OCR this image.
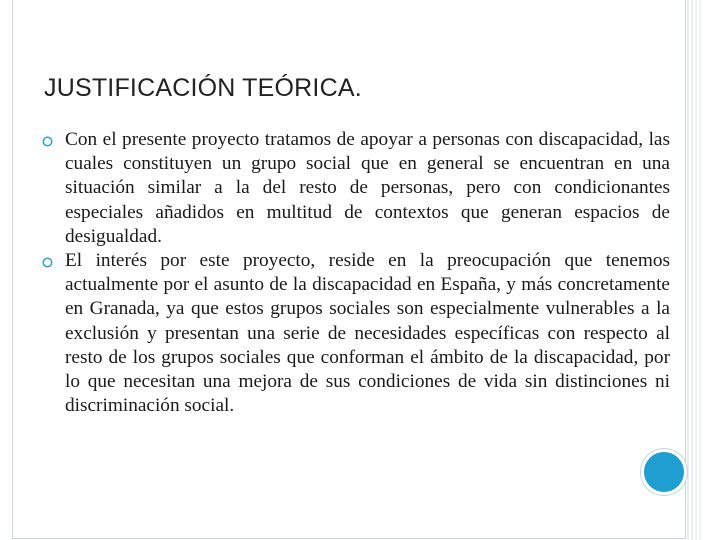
JUSTIFICACIÓN TEÓRICA.
Con el presente proyecto tratamos de apoyar a personas con discapacidad, las cuales constituyen un grupo social que en general se encuentran en una situación similar a la del resto de personas, pero con condicionantes especiales añadidos en multitud de contextos que generan espacios de desigualdad.
El interés por este proyecto, reside en la preocupación que tenemos actualmente por el asunto de la discapacidad en España, y más concretamente en Granada, ya que estos grupos sociales son especialmente vulnerables a la exclusión y presentan una serie de necesidades específicas con respecto al resto de los grupos sociales que conforman el ámbito de la discapacidad, por lo que necesitan una mejora de sus condiciones de vida sin distinciones ni discriminación social.
